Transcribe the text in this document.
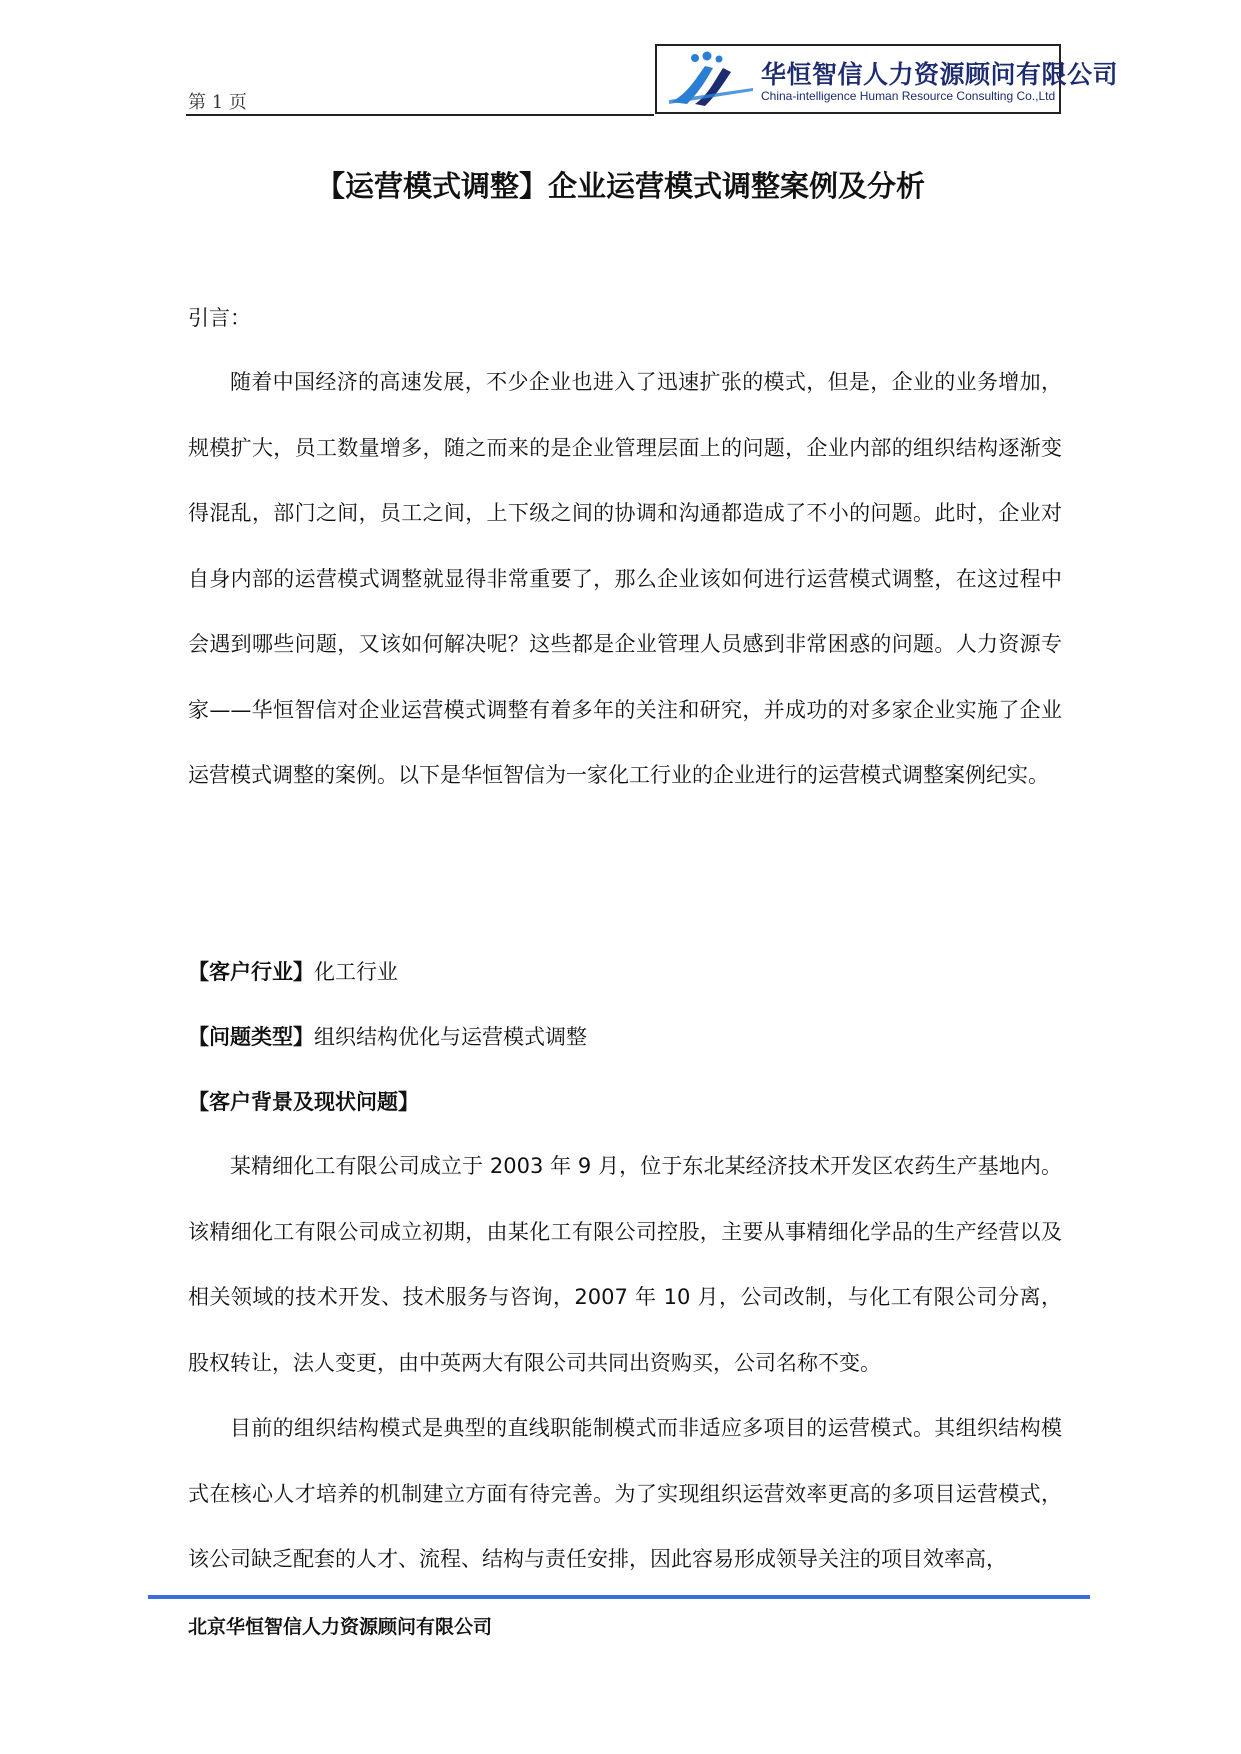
第 1 页
华恒智信人力资源顾问有限公司
China-intelligence Human Resource Consulting Co.,Ltd
【运营模式调整】企业运营模式调整案例及分析
引言：

随着中国经济的高速发展，不少企业也进入了迅速扩张的模式，但是，企业的业务增加，规模扩大，员工数量增多，随之而来的是企业管理层面上的问题，企业内部的组织结构逐渐变得混乱，部门之间，员工之间，上下级之间的协调和沟通都造成了不小的问题。此时，企业对自身内部的运营模式调整就显得非常重要了，那么企业该如何进行运营模式调整，在这过程中会遇到哪些问题，又该如何解决呢？这些都是企业管理人员感到非常困惑的问题。人力资源专家——华恒智信对企业运营模式调整有着多年的关注和研究，并成功的对多家企业实施了企业运营模式调整的案例。以下是华恒智信为一家化工行业的企业进行的运营模式调整案例纪实。

【客户行业】化工行业
【问题类型】组织结构优化与运营模式调整
【客户背景及现状问题】

某精细化工有限公司成立于 2003 年 9 月，位于东北某经济技术开发区农药生产基地内。该精细化工有限公司成立初期，由某化工有限公司控股，主要从事精细化学品的生产经营以及相关领域的技术开发、技术服务与咨询，2007 年 10 月，公司改制，与化工有限公司分离，股权转让，法人变更，由中英两大有限公司共同出资购买，公司名称不变。

目前的组织结构模式是典型的直线职能制模式而非适应多项目的运营模式。其组织结构模式在核心人才培养的机制建立方面有待完善。为了实现组织运营效率更高的多项目运营模式，该公司缺乏配套的人才、流程、结构与责任安排，因此容易形成领导关注的项目效率高，

北京华恒智信人力资源顾问有限公司
